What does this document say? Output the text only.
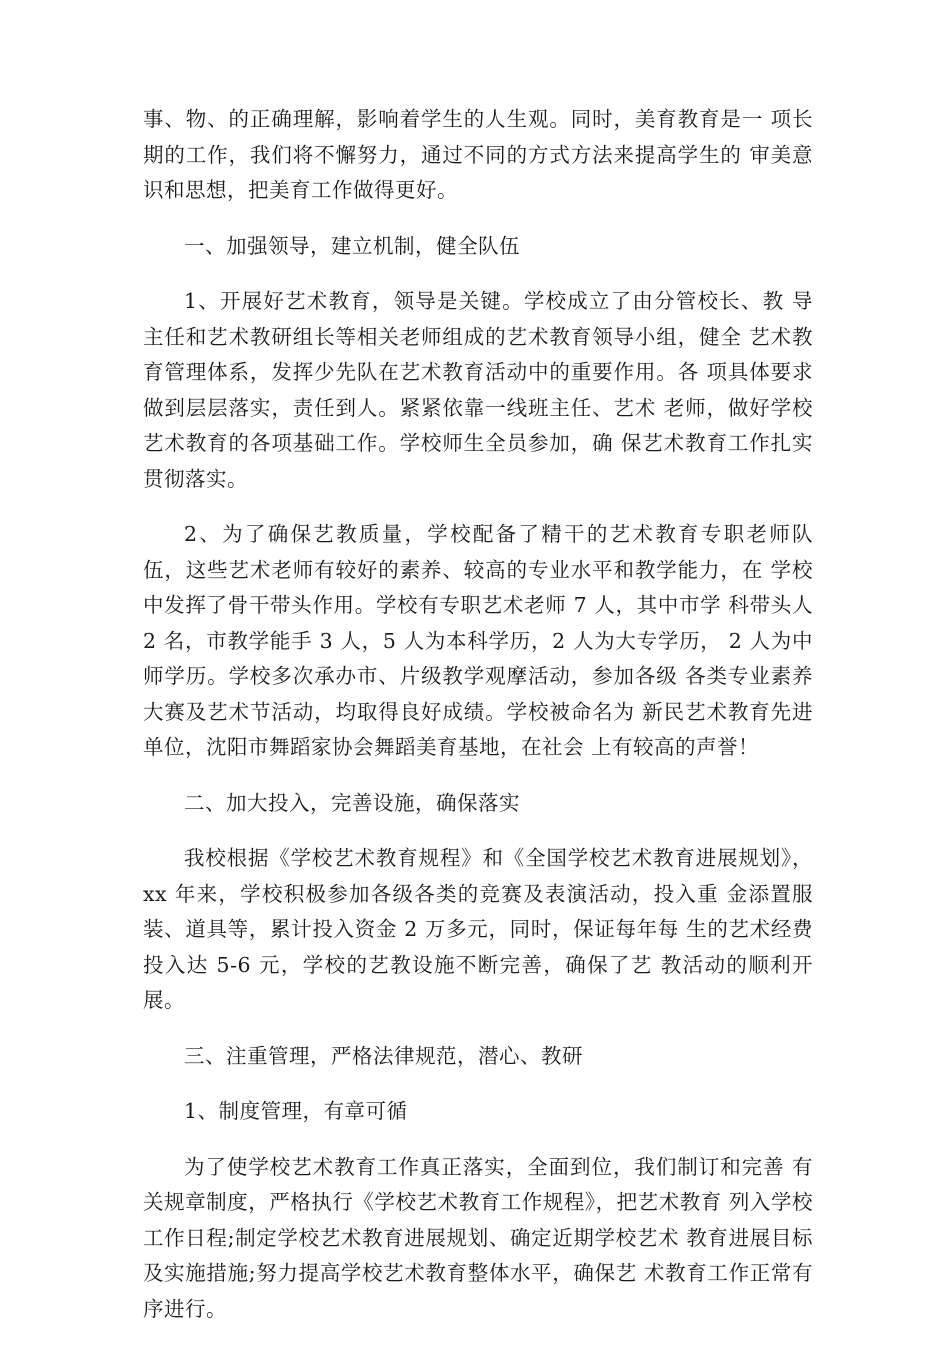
事、物、的正确理解，影响着学生的人生观。同时，美育教育是一 项长期的工作，我们将不懈努力，通过不同的方式方法来提高学生的 审美意识和思想，把美育工作做得更好。

一、加强领导，建立机制，健全队伍

1、开展好艺术教育，领导是关键。学校成立了由分管校长、教 导主任和艺术教研组长等相关老师组成的艺术教育领导小组，健全 艺术教育管理体系，发挥少先队在艺术教育活动中的重要作用。各 项具体要求做到层层落实，责任到人。紧紧依靠一线班主任、艺术 老师，做好学校艺术教育的各项基础工作。学校师生全员参加，确 保艺术教育工作扎实贯彻落实。

2、为了确保艺教质量，学校配备了精干的艺术教育专职老师队 伍，这些艺术老师有较好的素养、较高的专业水平和教学能力，在 学校中发挥了骨干带头作用。学校有专职艺术老师 7 人，其中市学 科带头人 2 名，市教学能手 3 人，5 人为本科学历，2 人为大专学历， 2 人为中师学历。学校多次承办市、片级教学观摩活动，参加各级 各类专业素养大赛及艺术节活动，均取得良好成绩。学校被命名为 新民艺术教育先进单位，沈阳市舞蹈家协会舞蹈美育基地，在社会 上有较高的声誉！

二、加大投入，完善设施，确保落实

我校根据《学校艺术教育规程》和《全国学校艺术教育进展规划》，xx 年来，学校积极参加各级各类的竞赛及表演活动，投入重 金添置服装、道具等，累计投入资金 2 万多元，同时，保证每年每 生的艺术经费投入达 5-6 元，学校的艺教设施不断完善，确保了艺 教活动的顺利开展。

三、注重管理，严格法律规范，潜心、教研

1、制度管理，有章可循

为了使学校艺术教育工作真正落实，全面到位，我们制订和完善 有关规章制度，严格执行《学校艺术教育工作规程》，把艺术教育 列入学校工作日程;制定学校艺术教育进展规划、确定近期学校艺术 教育进展目标及实施措施;努力提高学校艺术教育整体水平，确保艺 术教育工作正常有序进行。
